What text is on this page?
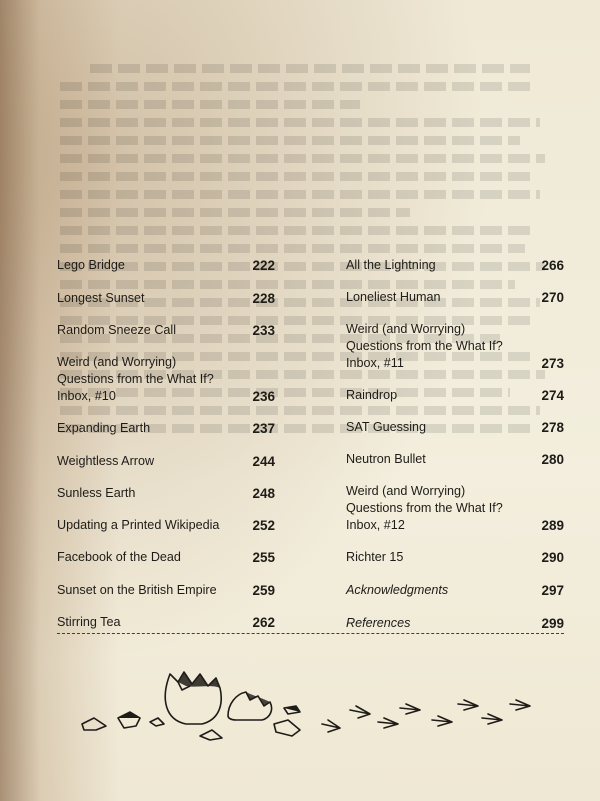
Lego Bridge	222
Longest Sunset	228
Random Sneeze Call	233
Weird (and Worrying) Questions from the What If? Inbox, #10	236
Expanding Earth	237
Weightless Arrow	244
Sunless Earth	248
Updating a Printed Wikipedia	252
Facebook of the Dead	255
Sunset on the British Empire	259
Stirring Tea	262
All the Lightning	266
Loneliest Human	270
Weird (and Worrying) Questions from the What If? Inbox, #11	273
Raindrop	274
SAT Guessing	278
Neutron Bullet	280
Weird (and Worrying) Questions from the What If? Inbox, #12	289
Richter 15	290
Acknowledgments	297
References	299
